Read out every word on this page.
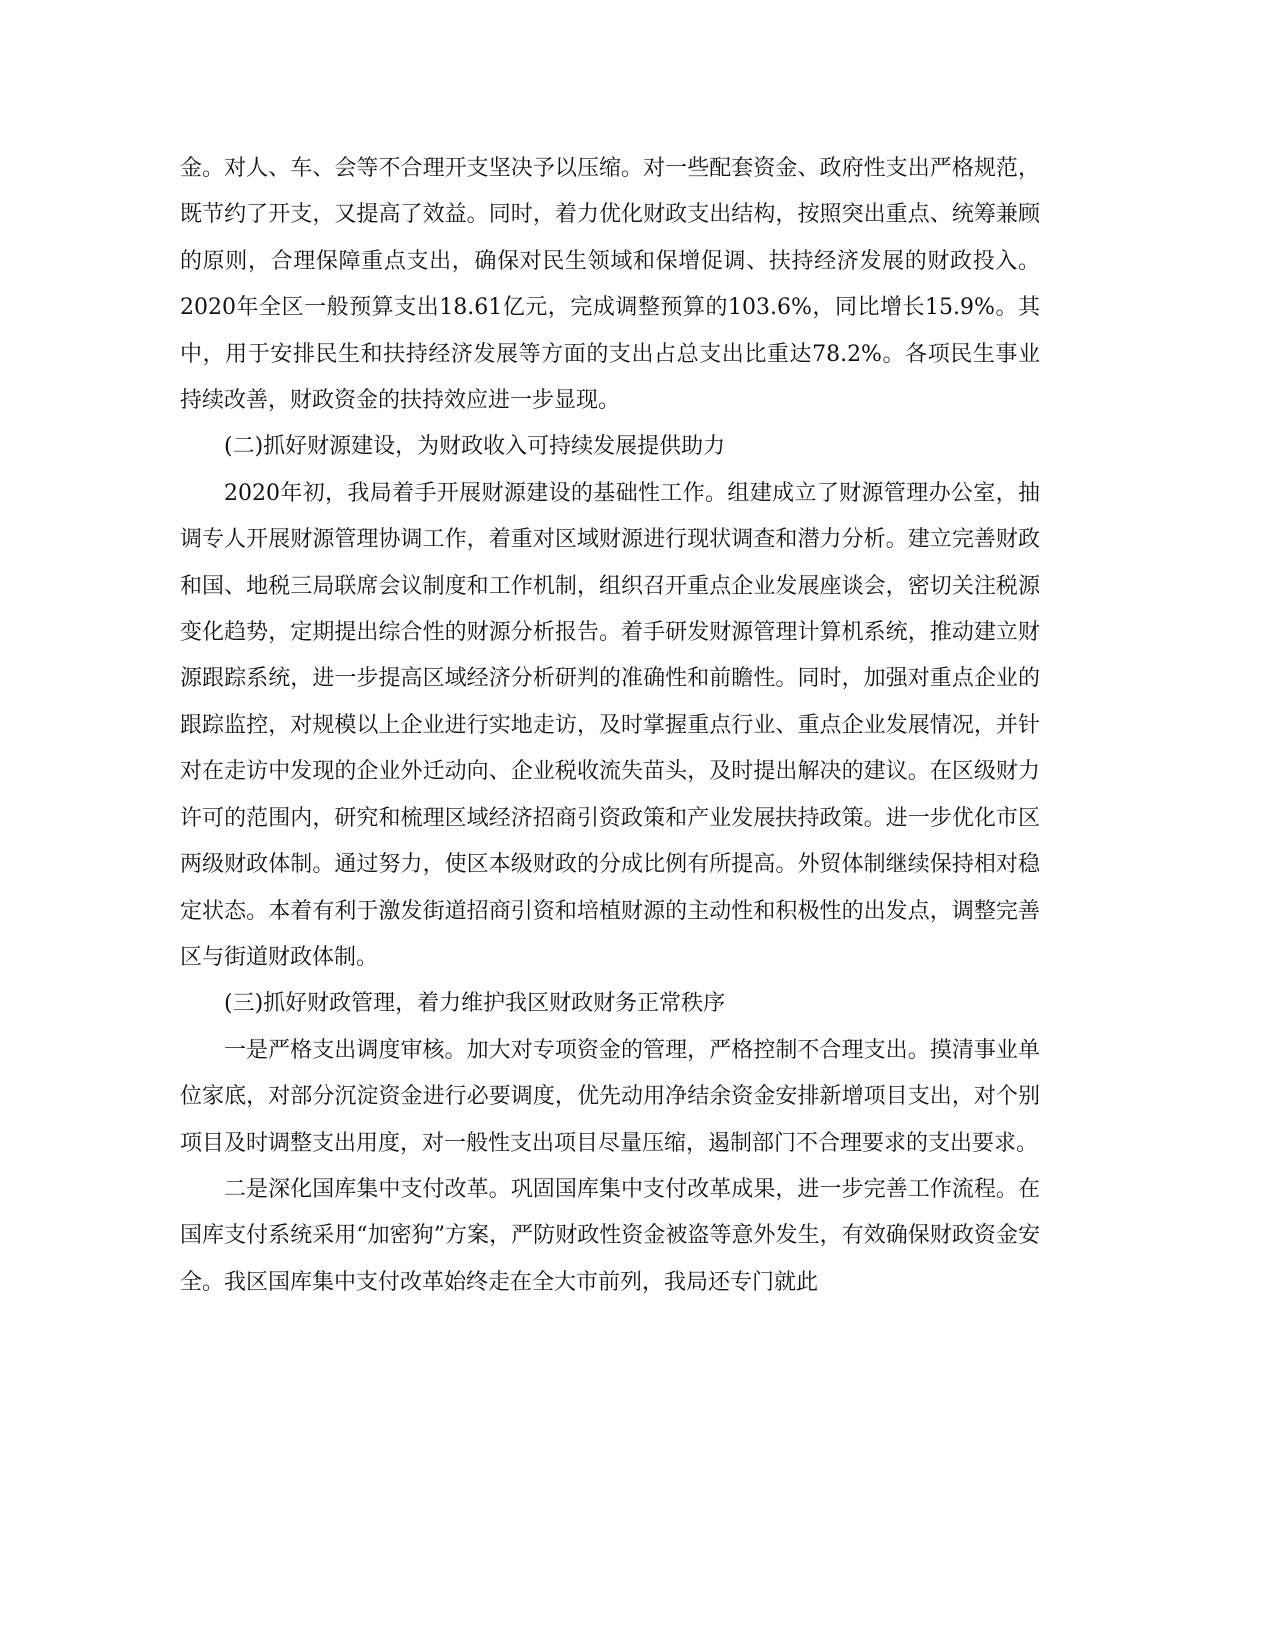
金。对人、车、会等不合理开支坚决予以压缩。对一些配套资金、政府性支出严格规范，既节约了开支，又提高了效益。同时，着力优化财政支出结构，按照突出重点、统筹兼顾的原则，合理保障重点支出，确保对民生领域和保增促调、扶持经济发展的财政投入。2020年全区一般预算支出18.61亿元，完成调整预算的103.6%，同比增长15.9%。其中，用于安排民生和扶持经济发展等方面的支出占总支出比重达78.2%。各项民生事业持续改善，财政资金的扶持效应进一步显现。

(二)抓好财源建设，为财政收入可持续发展提供助力

2020年初，我局着手开展财源建设的基础性工作。组建成立了财源管理办公室，抽调专人开展财源管理协调工作，着重对区域财源进行现状调查和潜力分析。建立完善财政和国、地税三局联席会议制度和工作机制，组织召开重点企业发展座谈会，密切关注税源变化趋势，定期提出综合性的财源分析报告。着手研发财源管理计算机系统，推动建立财源跟踪系统，进一步提高区域经济分析研判的准确性和前瞻性。同时，加强对重点企业的跟踪监控，对规模以上企业进行实地走访，及时掌握重点行业、重点企业发展情况，并针对在走访中发现的企业外迁动向、企业税收流失苗头，及时提出解决的建议。在区级财力许可的范围内，研究和梳理区域经济招商引资政策和产业发展扶持政策。进一步优化市区两级财政体制。通过努力，使区本级财政的分成比例有所提高。外贸体制继续保持相对稳定状态。本着有利于激发街道招商引资和培植财源的主动性和积极性的出发点，调整完善区与街道财政体制。

(三)抓好财政管理，着力维护我区财政财务正常秩序

一是严格支出调度审核。加大对专项资金的管理，严格控制不合理支出。摸清事业单位家底，对部分沉淀资金进行必要调度，优先动用净结余资金安排新增项目支出，对个别项目及时调整支出用度，对一般性支出项目尽量压缩，遏制部门不合理要求的支出要求。

二是深化国库集中支付改革。巩固国库集中支付改革成果，进一步完善工作流程。在国库支付系统采用“加密狗”方案，严防财政性资金被盗等意外发生，有效确保财政资金安全。我区国库集中支付改革始终走在全大市前列，我局还专门就此
